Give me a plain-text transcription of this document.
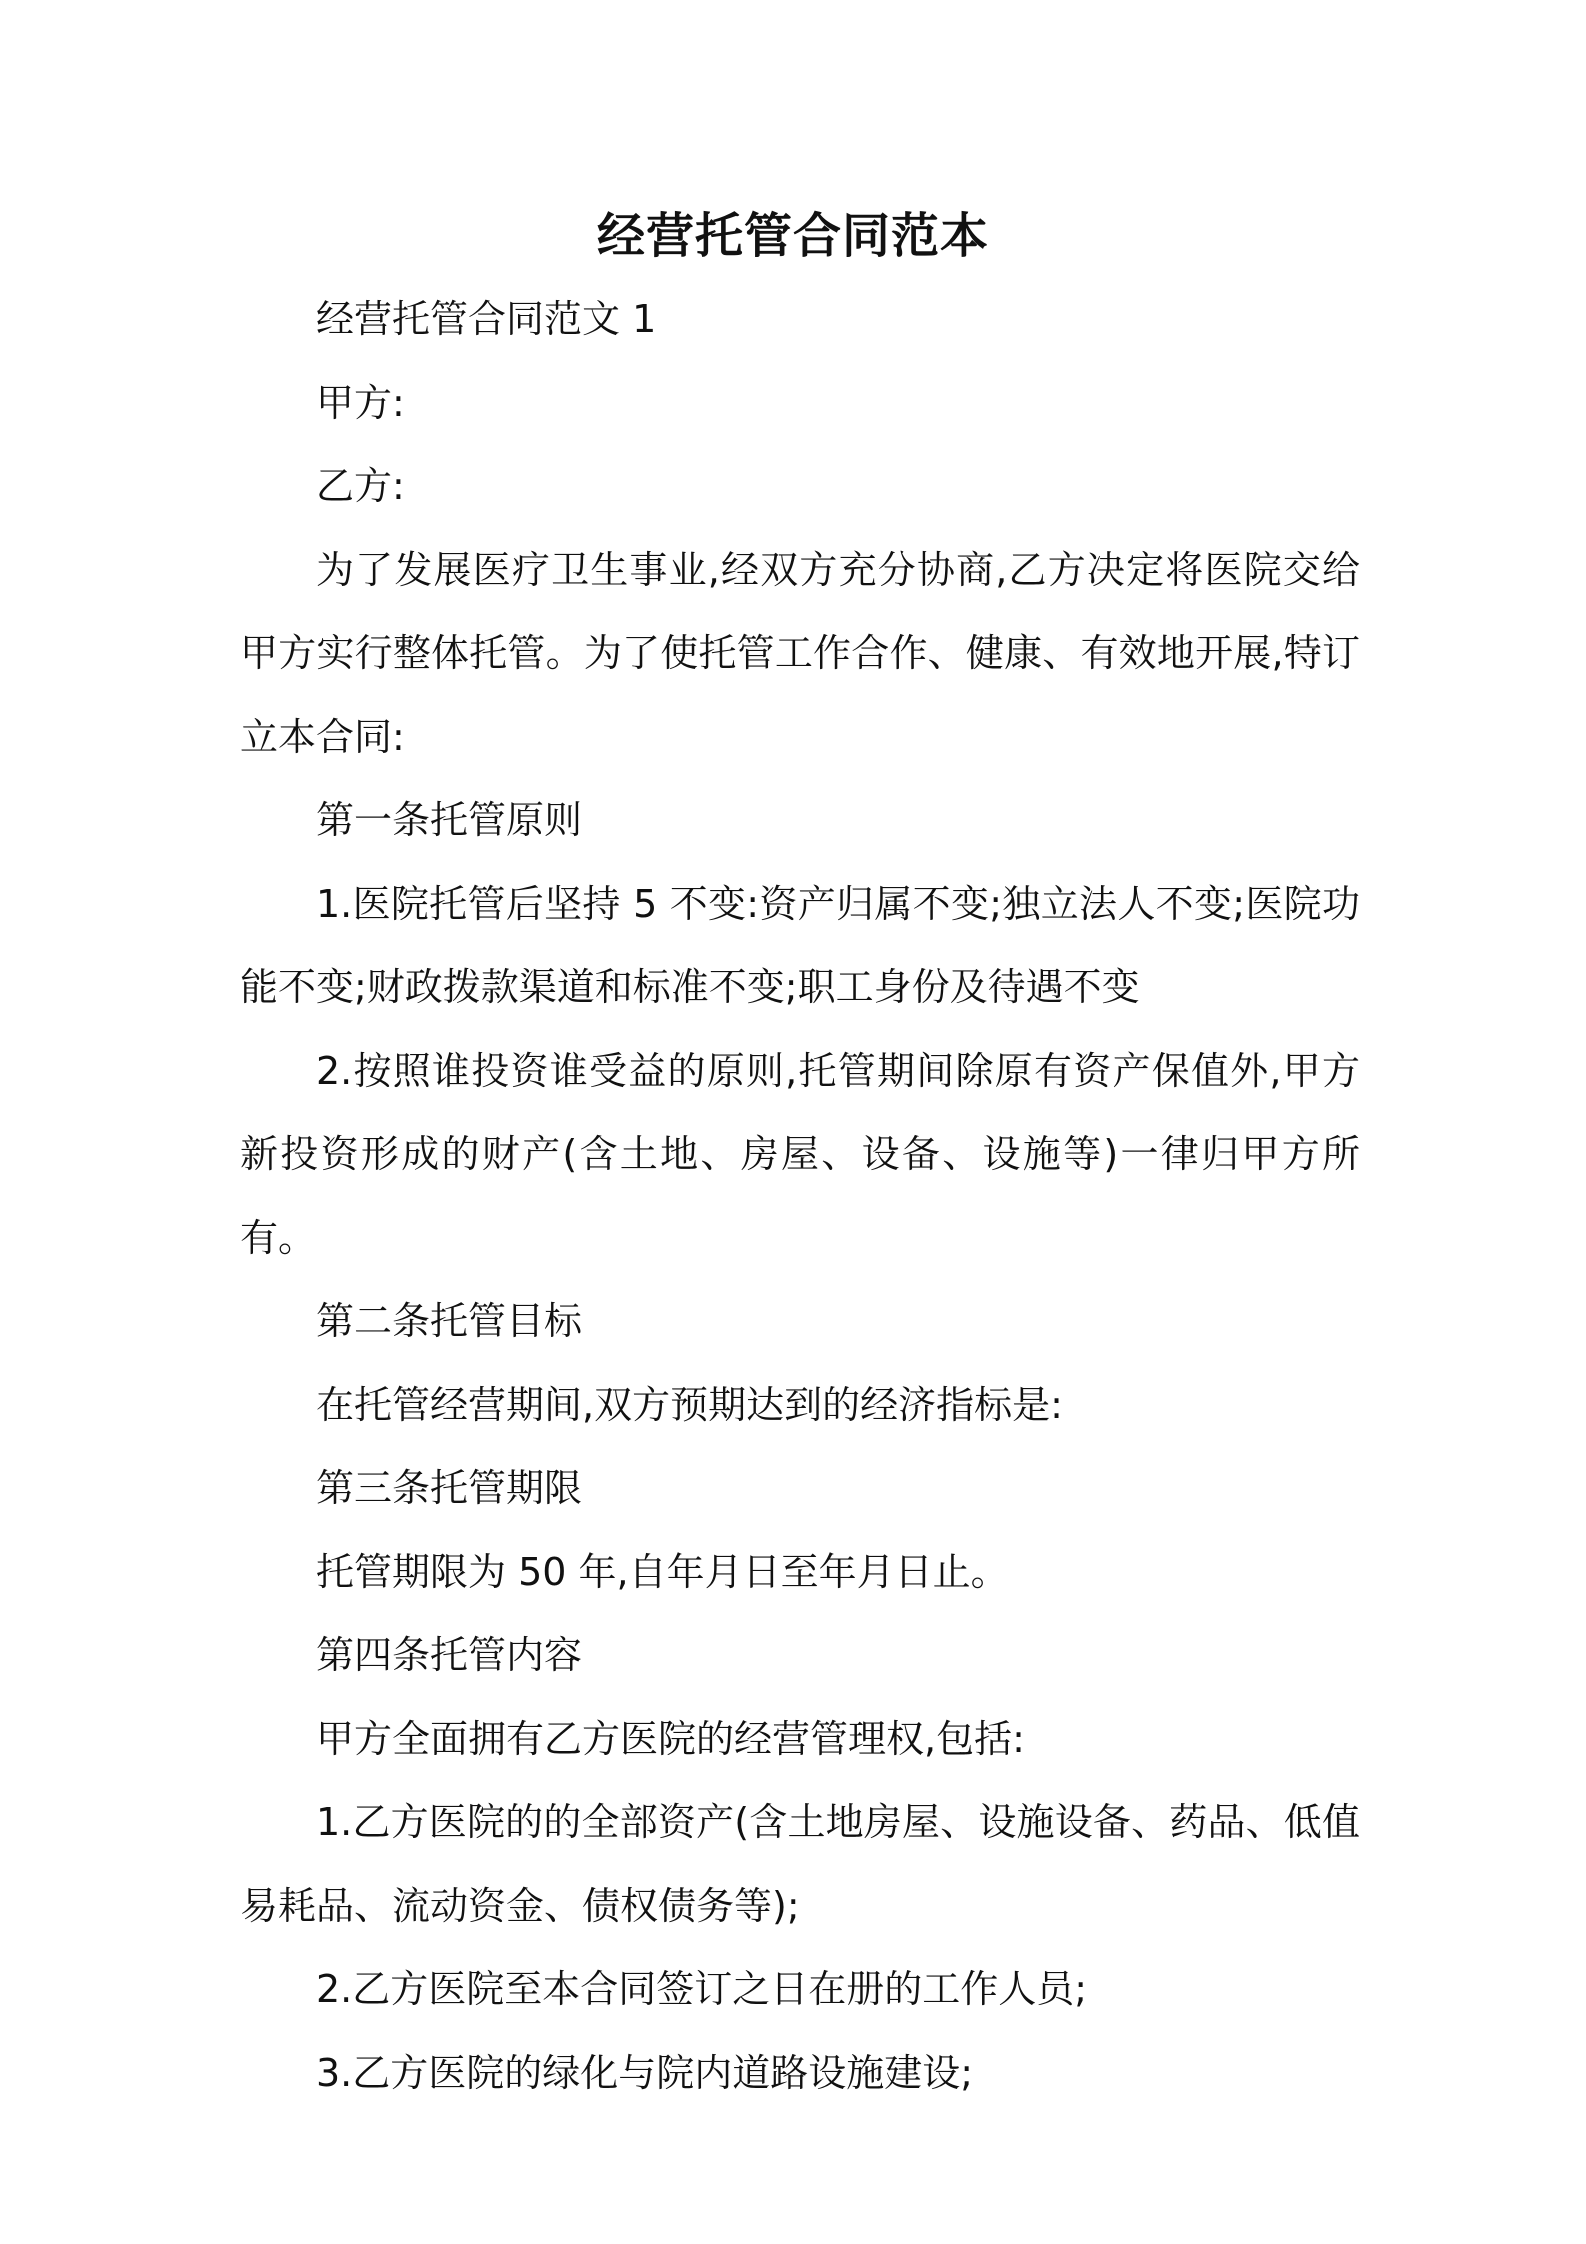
经营托管合同范本

经营托管合同范文 1

甲方:

乙方:

为了发展医疗卫生事业,经双方充分协商,乙方决定将医院交给甲方实行整体托管。为了使托管工作合作、健康、有效地开展,特订立本合同:

第一条托管原则

1.医院托管后坚持 5 不变:资产归属不变;独立法人不变;医院功能不变;财政拨款渠道和标准不变;职工身份及待遇不变

2.按照谁投资谁受益的原则,托管期间除原有资产保值外,甲方新投资形成的财产(含土地、房屋、设备、设施等)一律归甲方所有。

第二条托管目标

在托管经营期间,双方预期达到的经济指标是:

第三条托管期限

托管期限为 50 年,自年月日至年月日止。

第四条托管内容

甲方全面拥有乙方医院的经营管理权,包括:

1.乙方医院的的全部资产(含土地房屋、设施设备、药品、低值易耗品、流动资金、债权债务等);

2.乙方医院至本合同签订之日在册的工作人员;

3.乙方医院的绿化与院内道路设施建设;
